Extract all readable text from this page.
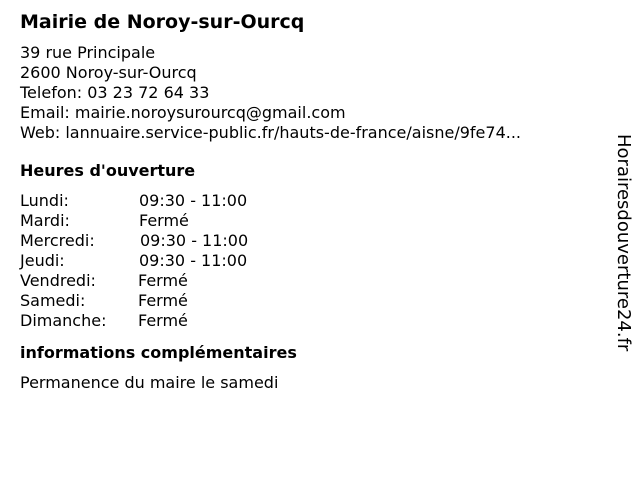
Mairie de Noroy-sur-Ourcq
39 rue Principale
2600 Noroy-sur-Ourcq
Telefon: 03 23 72 64 33
Email: mairie.noroysurourcq@gmail.com
Web: lannuaire.service-public.fr/hauts-de-france/aisne/9fe74...
Heures d'ouverture
Lundi:	09:30 - 11:00
Mardi:	Fermé
Mercredi:	09:30 - 11:00
Jeudi:	09:30 - 11:00
Vendredi:	Fermé
Samedi:	Fermé
Dimanche: Fermé
informations complémentaires
Permanence du maire le samedi
Horairesdouverture24.fr
